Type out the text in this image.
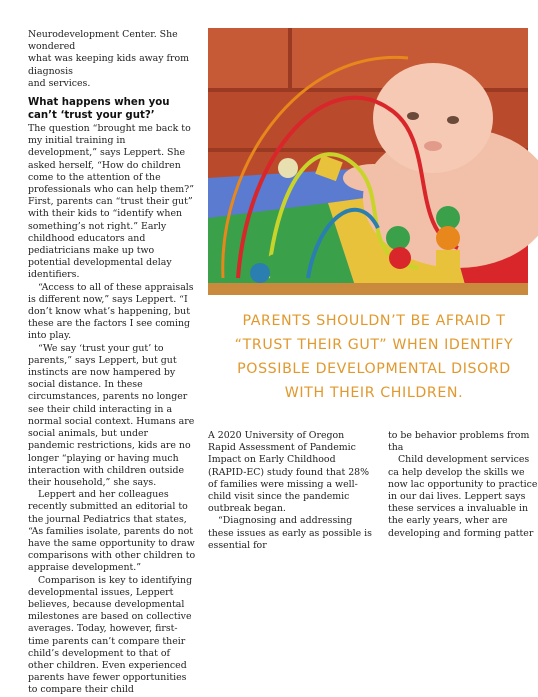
Neurodevelopment Center. She wondered

what was keeping kids away from diagnosis

and services.

What happens when you can’t ‘trust your gut?’

The question “brought me back to my initial training in development,” says Leppert. She asked herself, “How do children come to the attention of the professionals who can help them?” First, parents can “trust their gut” with their kids to “identify when something’s not right.” Early childhood educators and pediatricians make up two potential developmental delay identifiers.

“Access to all of these appraisals is different now,” says Leppert. “I don’t know what’s happening, but these are the factors I see coming into play.

“We say ‘trust your gut’ to parents,” says Leppert, but gut instincts are now hampered by social distance. In these circumstances, parents no longer see their child interacting in a normal social context. Humans are social animals, but under pandemic restrictions, kids are no longer “playing or having much interaction with children outside their household,” she says.

Leppert and her colleagues recently submitted an editorial to the journal Pediatrics that states, “As families isolate, parents do not have the same opportunity to draw comparisons with other children to appraise development.”

Comparison is key to identifying developmental issues, Leppert believes, because developmental milestones are based on collective averages. Today, however, first-time parents can’t compare their child’s development to that of other children. Even experienced parents have fewer opportunities to compare their child

PARENTS SHOULDN’T BE AFRAID T
“TRUST THEIR GUT” WHEN IDENTIFY
POSSIBLE DEVELOPMENTAL DISORD
WITH THEIR CHILDREN.

A 2020 University of Oregon Rapid Assessment of Pandemic Impact on Early Childhood (RAPID-EC) study found that 28% of families were missing a well-child visit since the pandemic outbreak began.

“Diagnosing and addressing these issues as early as possible is essential for

to be behavior problems from tha

Child development services ca help develop the skills we now lac opportunity to practice in our dai lives. Leppert says these services a invaluable in the early years, wher are developing and forming patter
